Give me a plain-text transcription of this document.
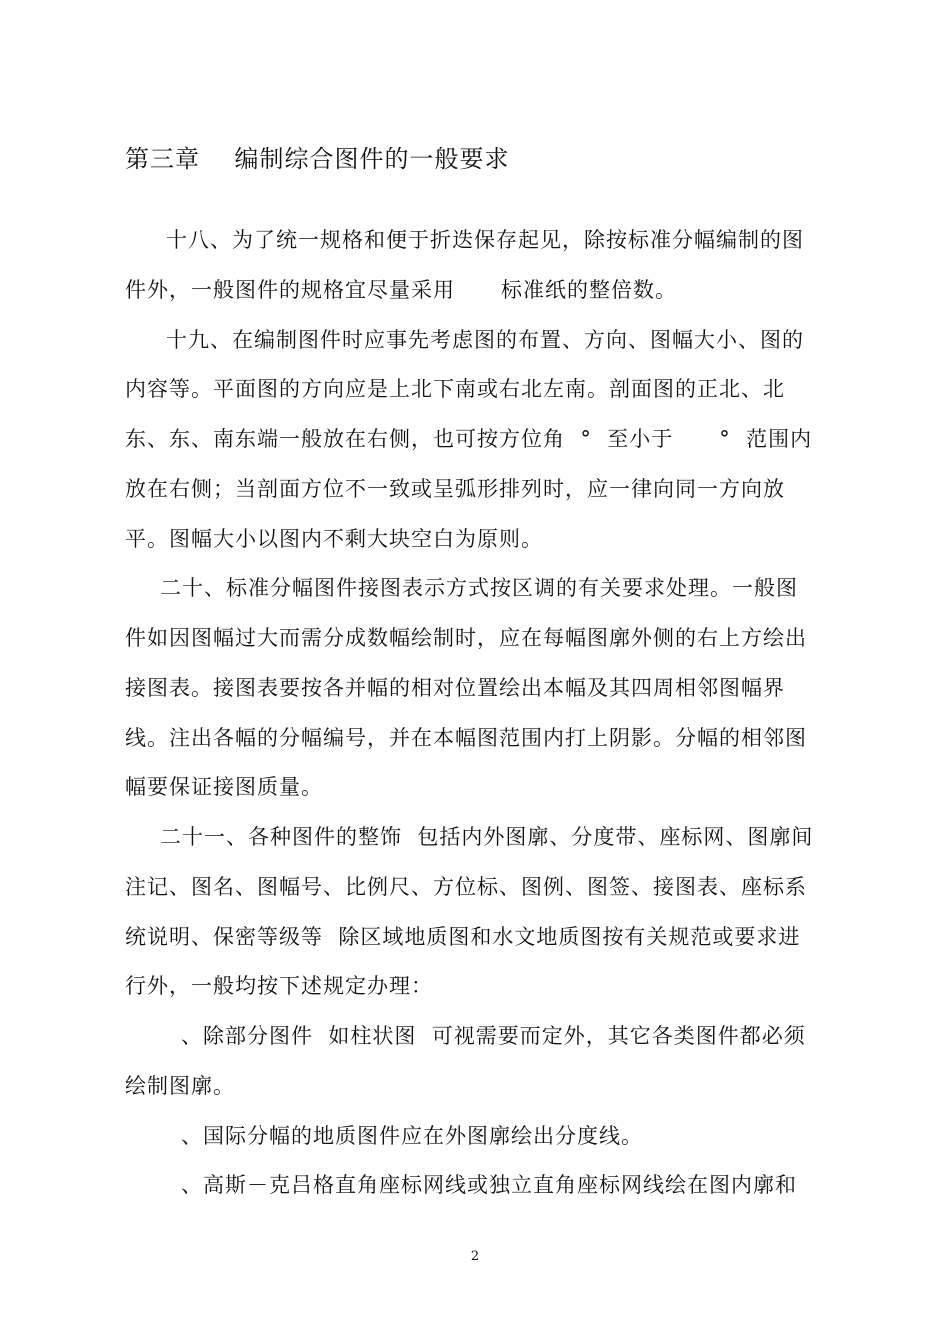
第三章    编制综合图件的一般要求
十八、为了统一规格和便于折迭保存起见，除按标准分幅编制的图
件外，一般图件的规格宜尽量采用      标准纸的整倍数。
十九、在编制图件时应事先考虑图的布置、方向、图幅大小、图的
内容等。平面图的方向应是上北下南或右北左南。剖面图的正北、北
东、东、南东端一般放在右侧，也可按方位角  °  至小于      °  范围内
放在右侧；当剖面方位不一致或呈弧形排列时，应一律向同一方向放
平。图幅大小以图内不剩大块空白为原则。
二十、标准分幅图件接图表示方式按区调的有关要求处理。一般图
件如因图幅过大而需分成数幅绘制时，应在每幅图廓外侧的右上方绘出
接图表。接图表要按各并幅的相对位置绘出本幅及其四周相邻图幅界
线。注出各幅的分幅编号，并在本幅图范围内打上阴影。分幅的相邻图
幅要保证接图质量。
二十一、各种图件的整饰  包括内外图廓、分度带、座标网、图廓间
注记、图名、图幅号、比例尺、方位标、图例、图签、接图表、座标系
统说明、保密等级等  除区域地质图和水文地质图按有关规范或要求进
行外，一般均按下述规定办理：
、除部分图件  如柱状图  可视需要而定外，其它各类图件都必须
绘制图廓。
、国际分幅的地质图件应在外图廓绘出分度线。
、高斯－克吕格直角座标网线或独立直角座标网线绘在图内廓和
2
